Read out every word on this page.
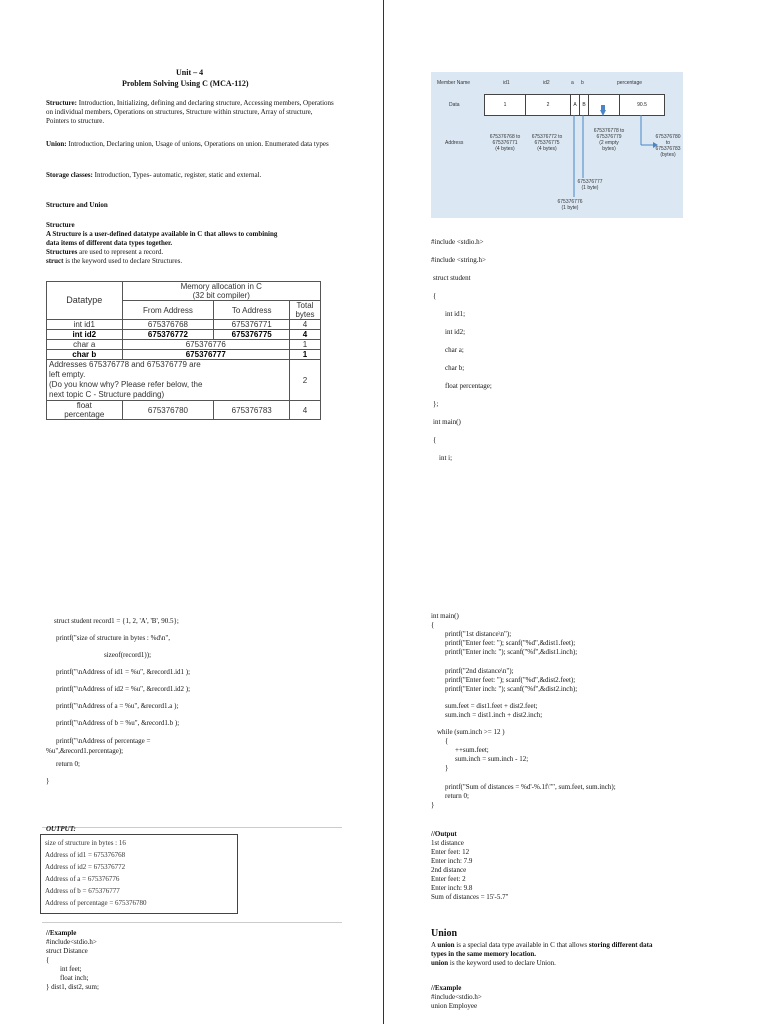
Unit – 4
Problem Solving Using C (MCA-112)
Structure: Introduction, Initializing, defining and declaring structure, Accessing members, Operations on individual members, Operations on structures, Structure within structure, Array of structure, Pointers to structure.
Union: Introduction, Declaring union, Usage of unions, Operations on union. Enumerated data types
Storage classes: Introduction, Types- automatic, register, static and external.
Structure and Union
Structure
A Structure is a user-defined datatype available in C that allows to combining
data items of different data types together.
Structures are used to represent a record.
struct is the keyword used to declare Structures.
Datatype	Memory allocation in C
(32 bit compiler)		

	From Address	To Address	Total bytes
int id1	675376768	675376771	4
int id2	675376772	675376775	4
char a	675376776		1
char b	675376777		1

Addresses 675376778 and 675376779 are
left empty.
(Do you know why? Please refer below, the
next topic C - Structure padding)			2

float
percentage	675376780	675376783	4
struct student record1 = {1, 2, 'A', 'B', 90.5};
printf("size of structure in bytes : %d\n",
sizeof(record1));
printf("\nAddress of id1 = %u", &record1.id1 );
printf("\nAddress of id2 = %u", &record1.id2 );
printf("\nAddress of a = %u", &record1.a );
printf("\nAddress of b = %u", &record1.b );
printf("\nAddress of percentage =
%u",&record1.percentage);
return 0;
}
OUTPUT:
size of structure in bytes : 16
Address of id1 = 675376768
Address of id2 = 675376772
Address of a = 675376776
Address of b = 675376777
Address of percentage = 675376780
//Example
#include<stdio.h>
struct Distance
{
int feet;
float inch;
} dist1, dist2, sum;
Member Name	id1	id2	a b	percentage
Data	1	2	A	B	90.5
Address
675376768 to
675376771
(4 bytes)
675376772 to
675376775
(4 bytes)
675376778 to
675376779
(2 empty
bytes)
675376780 to
675376783
(bytes)
675376777
(1 byte)
675376776
(1 byte)
#include <stdio.h>
#include <string.h>
struct student
{
int id1;
int id2;
char a;
char b;
float percentage;
};
int main()
{
int i;
int main()
{
printf("1st distance\n");
printf("Enter feet: "); scanf("%d",&dist1.feet);
printf("Enter inch: "); scanf("%f",&dist1.inch);
printf("2nd distance\n");
printf("Enter feet: "); scanf("%d",&dist2.feet);
printf("Enter inch: "); scanf("%f",&dist2.inch);
sum.feet = dist1.feet + dist2.feet;
sum.inch = dist1.inch + dist2.inch;
while (sum.inch >= 12 )
{
++sum.feet;
sum.inch = sum.inch - 12;
}
printf("Sum of distances = %d'-%.1f\"", sum.feet, sum.inch);
return 0;
}
//Output
1st distance
Enter feet: 12
Enter inch: 7.9
2nd distance
Enter feet: 2
Enter inch: 9.8
Sum of distances = 15'-5.7"
Union
A union is a special data type available in C that allows storing different data
types in the same memory location.
union is the keyword used to declare Union.
//Example
#include<stdio.h>
union Employee
